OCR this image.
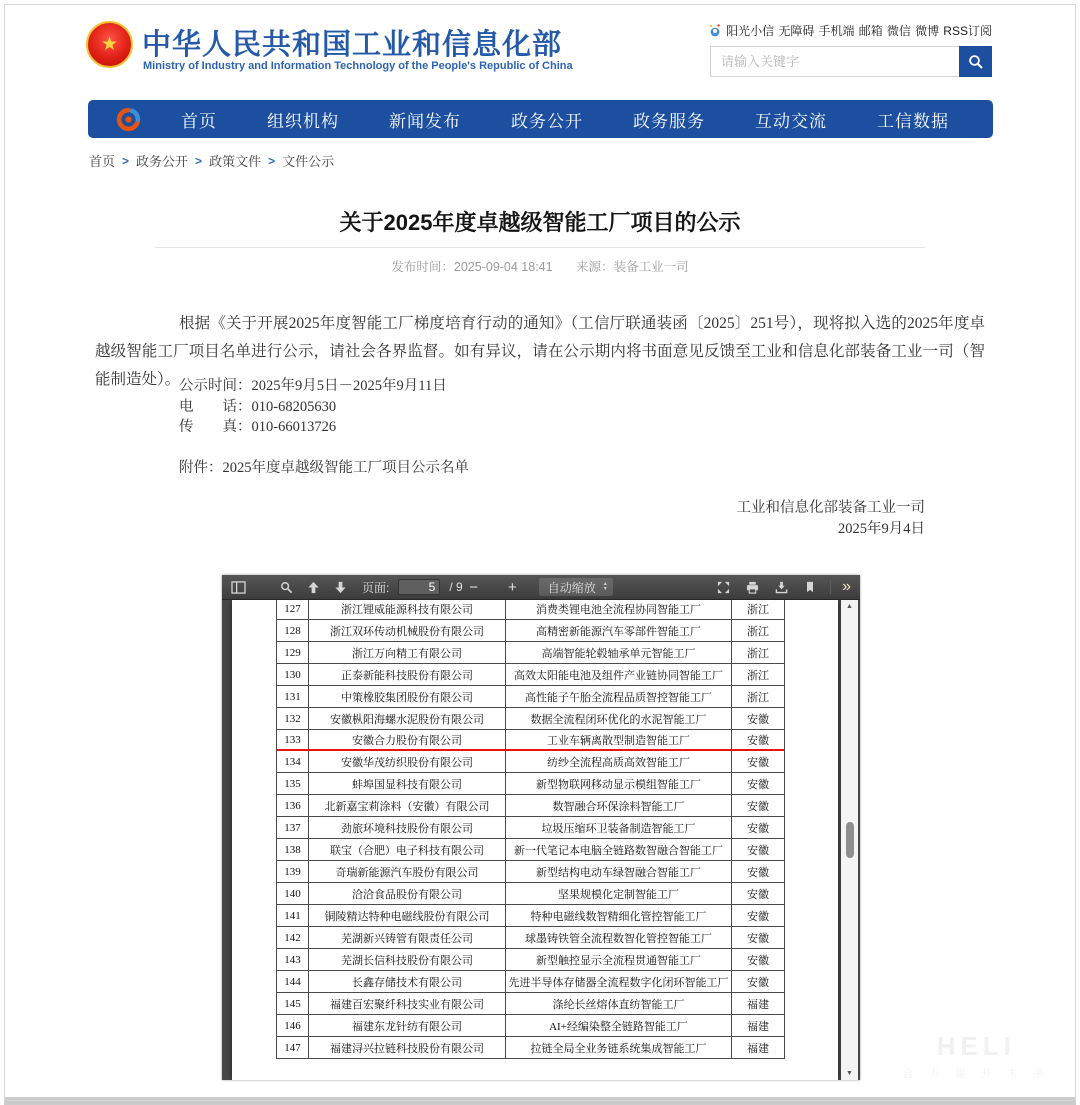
★ 中华人民共和国工业和信息化部
Ministry of Industry and Information Technology of the People's Republic of China
阳光小信 无障碍 手机端 邮箱 微信 微博 RSS订阅
请输入关键字
首页	组织机构	新闻发布	政务公开	政务服务	互动交流	工信数据
首页 > 政务公开 > 政策文件 > 文件公示
关于2025年度卓越级智能工厂项目的公示
发布时间：2025-09-04 18:41 来源：装备工业一司
根据《关于开展2025年度智能工厂梯度培育行动的通知》（工信厅联通装函〔2025〕251号），现将拟入选的2025年度卓越级智能工厂项目名单进行公示，请社会各界监督。如有异议，请在公示期内将书面意见反馈至工业和信息化部装备工业一司（智能制造处）。
公示时间：2025年9月5日－2025年9月11日
电　　话：010-68205630
传　　真：010-66013726
附件：2025年度卓越级智能工厂项目公示名单
工业和信息化部装备工业一司
2025年9月4日
页面:
5	/ 9 − +	自动缩放 ▴
▾	»
127	浙江锂威能源科技有限公司	消费类锂电池全流程协同智能工厂	浙江
128	浙江双环传动机械股份有限公司	高精密新能源汽车零部件智能工厂	浙江
129	浙江万向精工有限公司	高端智能轮毂轴承单元智能工厂	浙江
130	正泰新能科技股份有限公司	高效太阳能电池及组件产业链协同智能工厂	浙江
131	中策橡胶集团股份有限公司	高性能子午胎全流程品质智控智能工厂	浙江
132	安徽枞阳海螺水泥股份有限公司	数据全流程闭环优化的水泥智能工厂	安徽
133	安徽合力股份有限公司	工业车辆离散型制造智能工厂	安徽
134	安徽华茂纺织股份有限公司	纺纱全流程高质高效智能工厂	安徽
135	蚌埠国显科技有限公司	新型物联网移动显示模组智能工厂	安徽
136	北新嘉宝莉涂料（安徽）有限公司	数智融合环保涂料智能工厂	安徽
137	劲旅环境科技股份有限公司	垃圾压缩环卫装备制造智能工厂	安徽
138	联宝（合肥）电子科技有限公司	新一代笔记本电脑全链路数智融合智能工厂	安徽
139	奇瑞新能源汽车股份有限公司	新型结构电动车绿智融合智能工厂	安徽
140	洽洽食品股份有限公司	坚果规模化定制智能工厂	安徽
141	铜陵精达特种电磁线股份有限公司	特种电磁线数智精细化管控智能工厂	安徽
142	芜湖新兴铸管有限责任公司	球墨铸铁管全流程数智化管控智能工厂	安徽
143	芜湖长信科技股份有限公司	新型触控显示全流程贯通智能工厂	安徽
144	长鑫存储技术有限公司	先进半导体存储器全流程数字化闭环智能工厂	安徽
145	福建百宏聚纤科技实业有限公司	涤纶长丝熔体直纺智能工厂	福建
146	福建东龙针纺有限公司	AI+经编染整全链路智能工厂	福建
147	福建浔兴拉链科技股份有限公司	拉链全局全业务链系统集成智能工厂	福建
▲
▼
HELI
合 力 提 升 未 来
